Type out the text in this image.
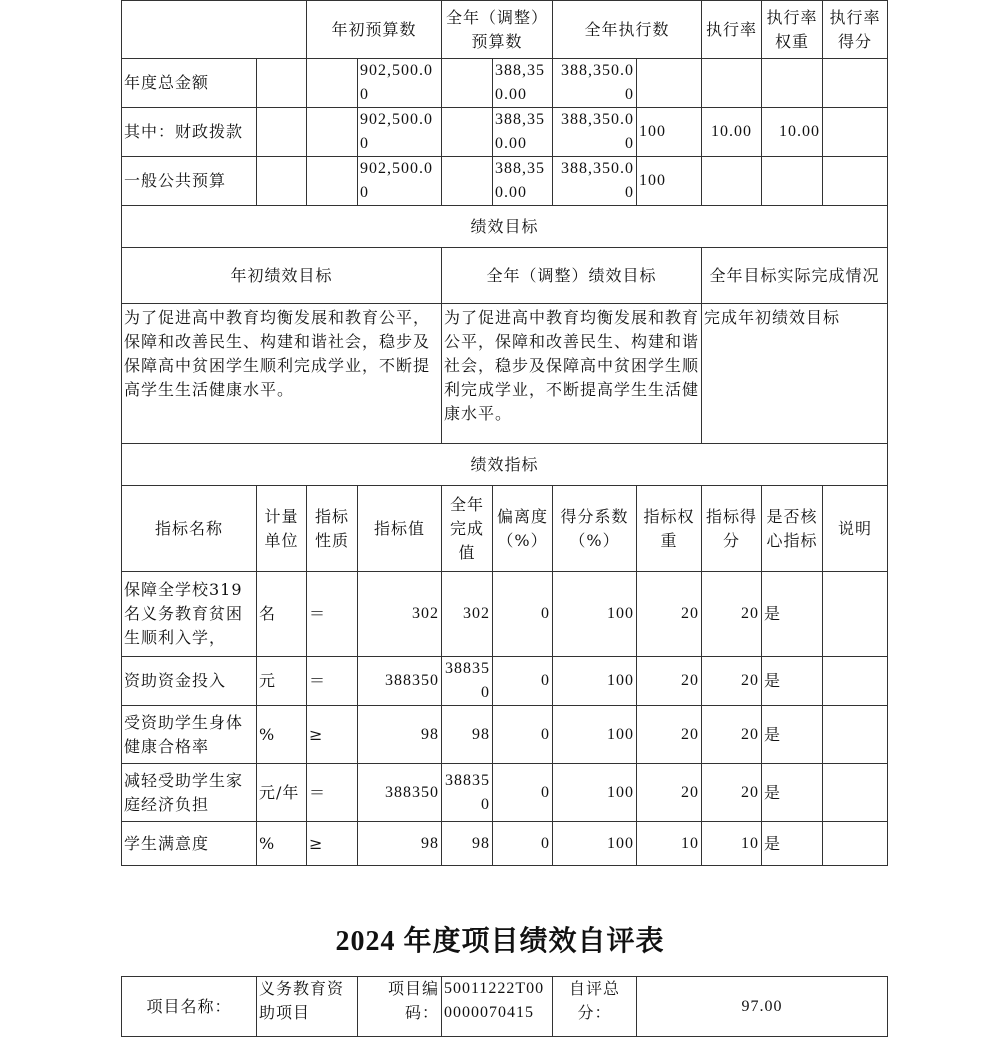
		年初预算数		全年（调整）预算数		全年执行数		执行率	执行率权重	执行率得分
年度总金额			902,500.00		388,350.00	388,350.00				
其中：财政拨款			902,500.00		388,350.00	388,350.00	100	10.00	10.00	
一般公共预算			902,500.00		388,350.00	388,350.00	100			
绩效目标										
年初绩效目标				全年（调整）绩效目标				全年目标实际完成情况		
为了促进高中教育均衡发展和教育公平，保障和改善民生、构建和谐社会，稳步及保障高中贫困学生顺利完成学业，不断提高学生生活健康水平。				为了促进高中教育均衡发展和教育公平，保障和改善民生、构建和谐社会，稳步及保障高中贫困学生顺利完成学业，不断提高学生生活健康水平。				完成年初绩效目标		
绩效指标										
指标名称	计量单位	指标性质	指标值	全年完成值	偏离度（%）	得分系数（%）	指标权重	指标得分	是否核心指标	说明
保障全学校319名义务教育贫困生顺利入学，	名	＝	302	302	0	100	20	20	是	
资助资金投入	元	＝	388350	388350	0	100	20	20	是	
受资助学生身体健康合格率	%	≥	98	98	0	100	20	20	是	
减轻受助学生家庭经济负担	元/年	＝	388350	388350	0	100	20	20	是	
学生满意度	%	≥	98	98	0	100	10	10	是	
2024 年度项目绩效自评表
项目名称：	义务教育资助项目	项目编码：	50011222T000000070415	自评总分：	97.00
